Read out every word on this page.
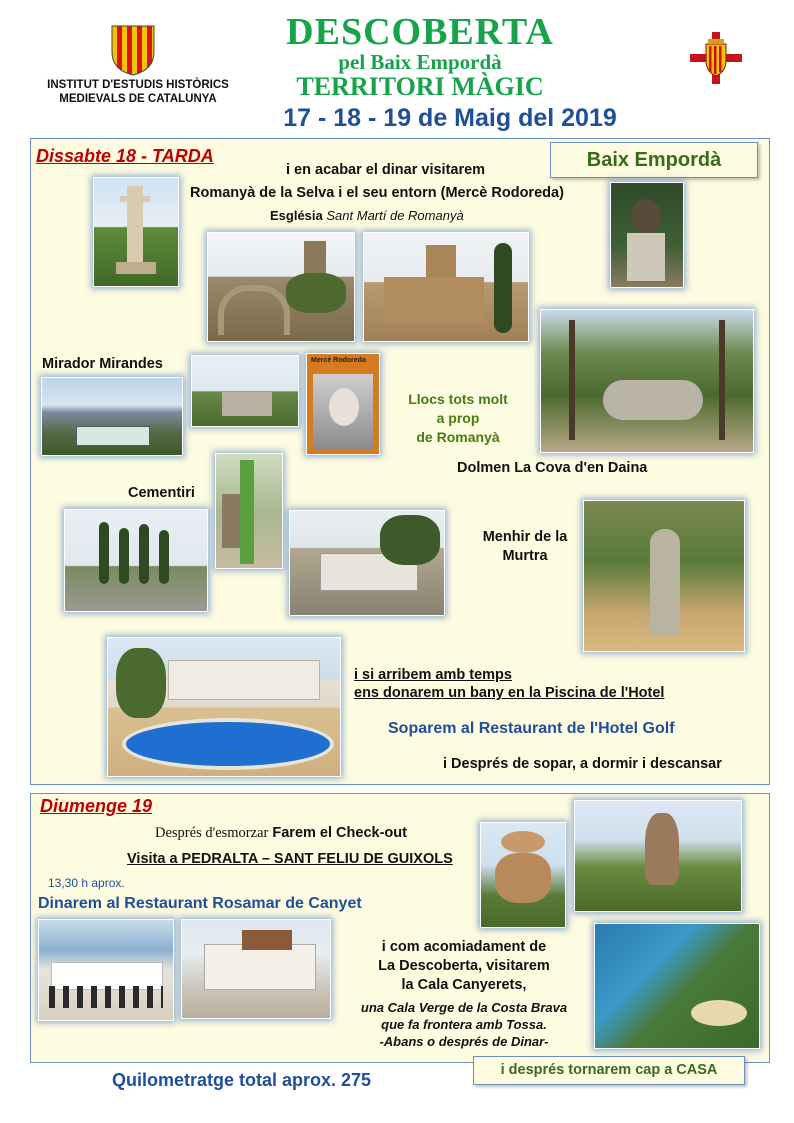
INSTITUT D'ESTUDIS HISTÒRICS
MEDIEVALS DE CATALUNYA
DESCOBERTA
pel Baix Empordà
TERRITORI MÀGIC
17 - 18 - 19 de Maig del 2019
Dissabte 18 - TARDA	Baix Empordà
i en acabar el dinar visitarem
Romanyà de la Selva i el seu entorn (Mercè Rodoreda)
Església Sant Martí de Romanyà
Mirador Mirandes	Mercè Rodoreda
Llocs tots molt
a prop
de Romanyà
Dolmen La Cova d'en Daina
Cementiri
Menhir de la
Murtra
i si arribem amb temps
ens donarem un bany en la Piscina de l'Hotel
Soparem al Restaurant de l'Hotel Golf
i Després de sopar, a dormir i descansar
Diumenge 19
Després d'esmorzar Farem el Check-out
Visita a PEDRALTA – SANT FELIU DE GUIXOLS
13,30 h aprox.
Dinarem al Restaurant Rosamar de Canyet
i com acomiadament de
La Descoberta, visitarem
la Cala Canyerets,
una Cala Verge de la Costa Brava
que fa frontera amb Tossa.
-Abans o després de Dinar-
i després tornarem cap a CASA
Quilometratge total aprox. 275
